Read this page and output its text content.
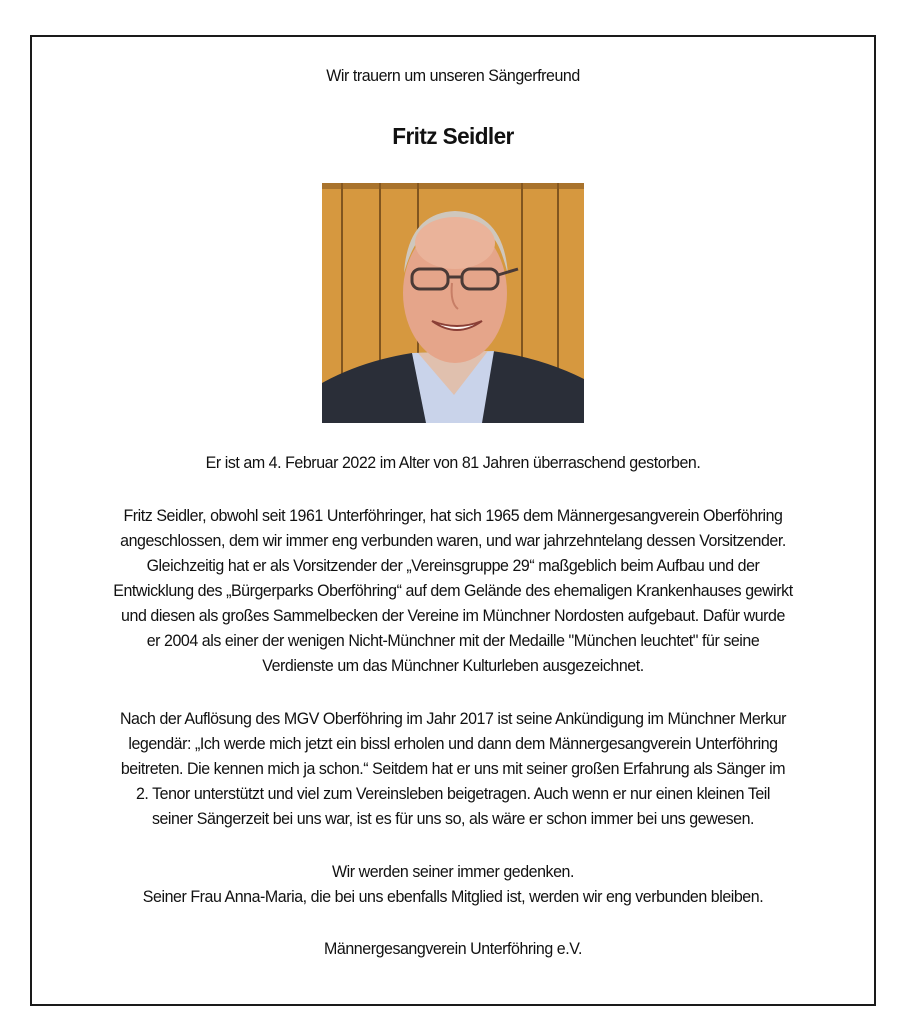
Wir trauern um unseren Sängerfreund
Fritz Seidler
Er ist am 4. Februar 2022 im Alter von 81 Jahren überraschend gestorben.
Fritz Seidler, obwohl seit 1961 Unterföhringer, hat sich 1965 dem Männergesangverein Oberföhring
angeschlossen, dem wir immer eng verbunden waren, und war jahrzehntelang dessen Vorsitzender.
Gleichzeitig hat er als Vorsitzender der „Vereinsgruppe 29“ maßgeblich beim Aufbau und der
Entwicklung des „Bürgerparks Oberföhring“ auf dem Gelände des ehemaligen Krankenhauses gewirkt
und diesen als großes Sammelbecken der Vereine im Münchner Nordosten aufgebaut. Dafür wurde
er 2004 als einer der wenigen Nicht-Münchner mit der Medaille "München leuchtet" für seine
Verdienste um das Münchner Kulturleben ausgezeichnet.
Nach der Auflösung des MGV Oberföhring im Jahr 2017 ist seine Ankündigung im Münchner Merkur
legendär: „Ich werde mich jetzt ein bissl erholen und dann dem Männergesangverein Unterföhring
beitreten. Die kennen mich ja schon.“ Seitdem hat er uns mit seiner großen Erfahrung als Sänger im
2. Tenor unterstützt und viel zum Vereinsleben beigetragen. Auch wenn er nur einen kleinen Teil
seiner Sängerzeit bei uns war, ist es für uns so, als wäre er schon immer bei uns gewesen.
Wir werden seiner immer gedenken.
Seiner Frau Anna-Maria, die bei uns ebenfalls Mitglied ist, werden wir eng verbunden bleiben.
Männergesangverein Unterföhring e.V.
